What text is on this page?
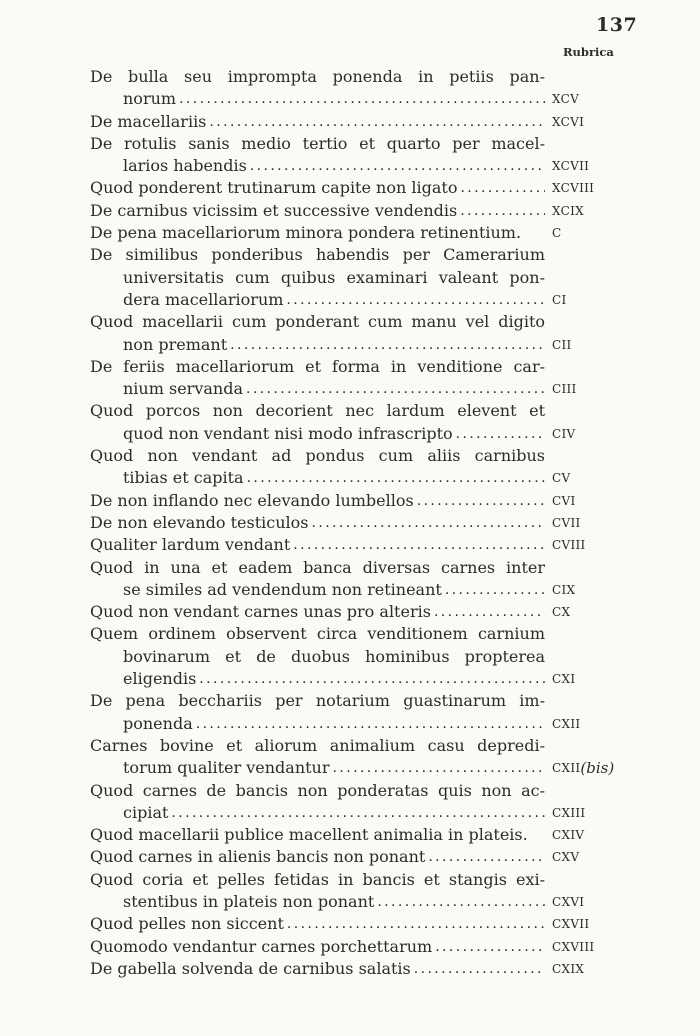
137
Rubrica
De bulla seu imprompta ponenda in petiis pan-
norum .....	XCV
De macellariis .....	XCVI
De rotulis sanis medio tertio et quarto per macel-
larios habendis .....	XCVII
Quod ponderent trutinarum capite non ligato .....	XCVIII
De carnibus vicissim et successive vendendis .....	XCIX
De pena macellariorum minora pondera retinentium.	C
De similibus ponderibus habendis per Camerarium
universitatis cum quibus examinari valeant pon-
dera macellariorum .....	CI
Quod macellarii cum ponderant cum manu vel digito
non premant .....	CII
De feriis macellariorum et forma in venditione car-
nium servanda .....	CIII
Quod porcos non decorient nec lardum elevent et
quod non vendant nisi modo infrascripto .....	CIV
Quod non vendant ad pondus cum aliis carnibus
tibias et capita .....	CV
De non inflando nec elevando lumbellos .....	CVI
De non elevando testiculos .....	CVII
Qualiter lardum vendant .....	CVIII
Quod in una et eadem banca diversas carnes inter
se similes ad vendendum non retineant .....	CIX
Quod non vendant carnes unas pro alteris .....	CX
Quem ordinem observent circa venditionem carnium
bovinarum et de duobus hominibus propterea
eligendis .....	CXI
De pena becchariis per notarium guastinarum im-
ponenda .....	CXII
Carnes bovine et aliorum animalium casu depredi-
torum qualiter vendantur .....	CXII (bis)
Quod carnes de bancis non ponderatas quis non ac-
cipiat .....	CXIII
Quod macellarii publice macellent animalia in plateis. CXIV
Quod carnes in alienis bancis non ponant .....	CXV
Quod coria et pelles fetidas in bancis et stangis exi-
stentibus in plateis non ponant .....	CXVI
Quod pelles non siccent .....	CXVII
Quomodo vendantur carnes porchettarum .....	CXVIII
De gabella solvenda de carnibus salatis .....	CXIX
